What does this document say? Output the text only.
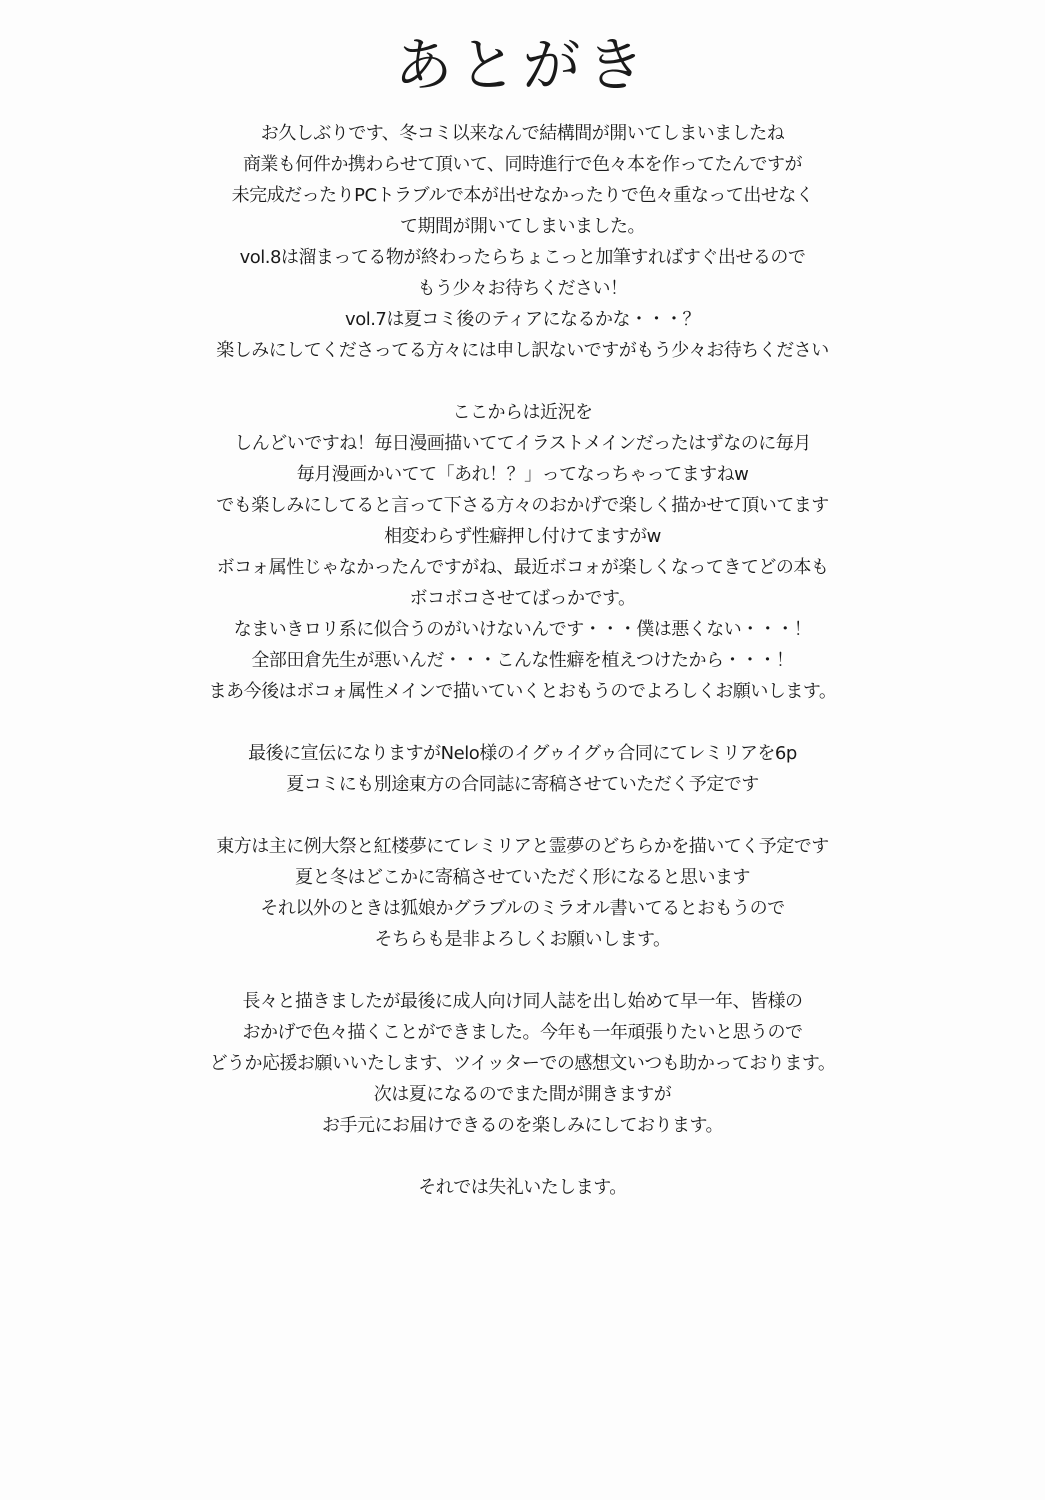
あとがき
お久しぶりです、冬コミ以来なんで結構間が開いてしまいましたね
商業も何件か携わらせて頂いて、同時進行で色々本を作ってたんですが
未完成だったりPCトラブルで本が出せなかったりで色々重なって出せなく
て期間が開いてしまいました。
vol.8は溜まってる物が終わったらちょこっと加筆すればすぐ出せるので
もう少々お待ちください！
vol.7は夏コミ後のティアになるかな・・・？
楽しみにしてくださってる方々には申し訳ないですがもう少々お待ちください
ここからは近況を
しんどいですね！毎日漫画描いててイラストメインだったはずなのに毎月
毎月漫画かいてて「あれ！？」ってなっちゃってますねw
でも楽しみにしてると言って下さる方々のおかげで楽しく描かせて頂いてます
相変わらず性癖押し付けてますがw
ボコォ属性じゃなかったんですがね、最近ボコォが楽しくなってきてどの本も
ボコボコさせてばっかです。
なまいきロリ系に似合うのがいけないんです・・・僕は悪くない・・・！
全部田倉先生が悪いんだ・・・こんな性癖を植えつけたから・・・！
まあ今後はボコォ属性メインで描いていくとおもうのでよろしくお願いします。
最後に宣伝になりますがNelo様のイグゥイグゥ合同にてレミリアを6p
夏コミにも別途東方の合同誌に寄稿させていただく予定です
東方は主に例大祭と紅楼夢にてレミリアと霊夢のどちらかを描いてく予定です
夏と冬はどこかに寄稿させていただく形になると思います
それ以外のときは狐娘かグラブルのミラオル書いてるとおもうので
そちらも是非よろしくお願いします。
長々と描きましたが最後に成人向け同人誌を出し始めて早一年、皆様の
おかげで色々描くことができました。今年も一年頑張りたいと思うので
どうか応援お願いいたします、ツイッターでの感想文いつも助かっております。
次は夏になるのでまた間が開きますが
お手元にお届けできるのを楽しみにしております。
それでは失礼いたします。
